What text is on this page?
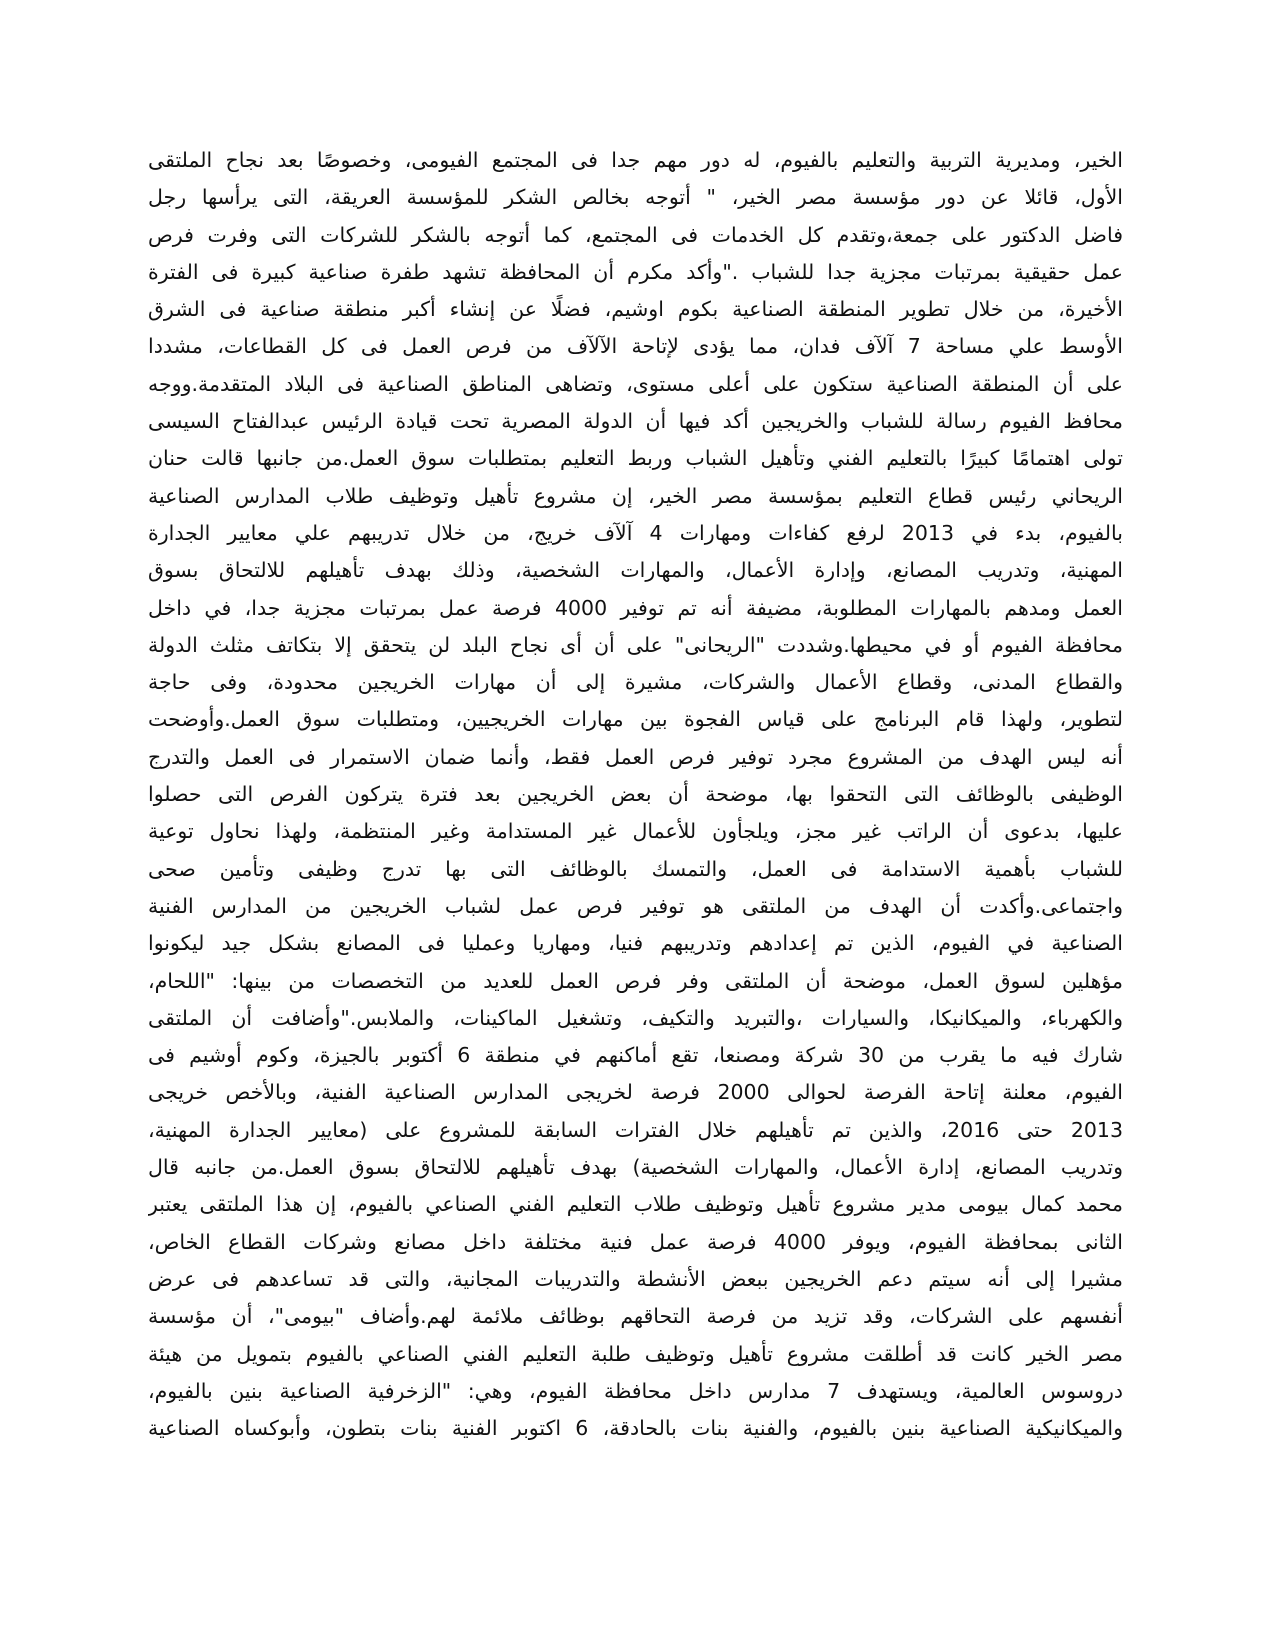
الخير، ومديرية التربية والتعليم بالفيوم، له دور مهم جدا فى المجتمع الفيومى، وخصوصًا بعد نجاح الملتقى
الأول، قائلا عن دور مؤسسة مصر الخير، " أتوجه بخالص الشكر للمؤسسة العريقة، التى يرأسها رجل
فاضل الدكتور على جمعة،وتقدم كل الخدمات فى المجتمع، كما أتوجه بالشكر للشركات التى وفرت فرص
عمل حقيقية بمرتبات مجزية جدا للشباب ."وأكد مكرم أن المحافظة تشهد طفرة صناعية كبيرة فى الفترة
الأخيرة، من خلال تطوير المنطقة الصناعية بكوم اوشيم، فضلًا عن إنشاء أكبر منطقة صناعية فى الشرق
الأوسط علي مساحة 7 آلآف فدان، مما يؤدى لإتاحة الآلآف من فرص العمل فى كل القطاعات، مشددا
على أن المنطقة الصناعية ستكون على أعلى مستوى، وتضاهى المناطق الصناعية فى البلاد المتقدمة.ووجه
محافظ الفيوم رسالة للشباب والخريجين أكد فيها أن الدولة المصرية تحت قيادة الرئيس عبدالفتاح السيسى
تولى اهتمامًا كبيرًا بالتعليم الفني وتأهيل الشباب وربط التعليم بمتطلبات سوق العمل.من جانبها قالت حنان
الريحاني رئيس قطاع التعليم بمؤسسة مصر الخير، إن مشروع تأهيل وتوظيف طلاب المدارس الصناعية
بالفيوم، بدء في 2013 لرفع كفاءات ومهارات 4 آلآف خريج، من خلال تدريبهم علي معايير الجدارة
المهنية، وتدريب المصانع، وإدارة الأعمال، والمهارات الشخصية، وذلك بهدف تأهيلهم للالتحاق بسوق
العمل ومدهم بالمهارات المطلوبة، مضيفة أنه تم توفير 4000 فرصة عمل بمرتبات مجزية جدا، في داخل
محافظة الفيوم أو في محيطها.وشددت "الريحانى" على أن أى نجاح البلد لن يتحقق إلا بتكاتف مثلث الدولة
والقطاع المدنى، وقطاع الأعمال والشركات، مشيرة إلى أن مهارات الخريجين محدودة، وفى حاجة
لتطوير، ولهذا قام البرنامج على قياس الفجوة بين مهارات الخريجيين، ومتطلبات سوق العمل.وأوضحت
أنه ليس الهدف من المشروع مجرد توفير فرص العمل فقط، وأنما ضمان الاستمرار فى العمل والتدرج
الوظيفى بالوظائف التى التحقوا بها، موضحة أن بعض الخريجين بعد فترة يتركون الفرص التى حصلوا
عليها، بدعوى أن الراتب غير مجز، ويلجأون للأعمال غير المستدامة وغير المنتظمة، ولهذا نحاول توعية
للشباب بأهمية الاستدامة فى العمل، والتمسك بالوظائف التى بها تدرج وظيفى وتأمين صحى
واجتماعى.وأكدت أن الهدف من الملتقى هو توفير فرص عمل لشباب الخريجين من المدارس الفنية
الصناعية في الفيوم، الذين تم إعدادهم وتدريبهم فنيا، ومهاريا وعمليا فى المصانع بشكل جيد ليكونوا
مؤهلين لسوق العمل، موضحة أن الملتقى وفر فرص العمل للعديد من التخصصات من بينها: "اللحام،
والكهرباء، والميكانيكا، والسيارات ،والتبريد والتكيف، وتشغيل الماكينات، والملابس."وأضافت أن الملتقى
شارك فيه ما يقرب من 30 شركة ومصنعا، تقع أماكنهم في منطقة 6 أكتوبر بالجيزة، وكوم أوشيم فى
الفيوم، معلنة إتاحة الفرصة لحوالى 2000 فرصة لخريجى المدارس الصناعية الفنية، وبالأخص خريجى
2013 حتى 2016، والذين تم تأهيلهم خلال الفترات السابقة للمشروع على (معايير الجدارة المهنية،
وتدريب المصانع، إدارة الأعمال، والمهارات الشخصية) بهدف تأهيلهم للالتحاق بسوق العمل.من جانبه قال
محمد كمال بيومى مدير مشروع تأهيل وتوظيف طلاب التعليم الفني الصناعي بالفيوم، إن هذا الملتقى يعتبر
الثانى بمحافظة الفيوم، ويوفر 4000 فرصة عمل فنية مختلفة داخل مصانع وشركات القطاع الخاص،
مشيرا إلى أنه سيتم دعم الخريجين ببعض الأنشطة والتدريبات المجانية، والتى قد تساعدهم فى عرض
أنفسهم على الشركات، وقد تزيد من فرصة التحاقهم بوظائف ملائمة لهم.وأضاف "بيومى"، أن مؤسسة
مصر الخير كانت قد أطلقت مشروع تأهيل وتوظيف طلبة التعليم الفني الصناعي بالفيوم بتمويل من هيئة
دروسوس العالمية، ويستهدف 7 مدارس داخل محافظة الفيوم، وهي: "الزخرفية الصناعية بنين بالفيوم،
والميكانيكية الصناعية بنين بالفيوم، والفنية بنات بالحادقة، 6 اكتوبر الفنية بنات بتطون، وأبوكساه الصناعية
